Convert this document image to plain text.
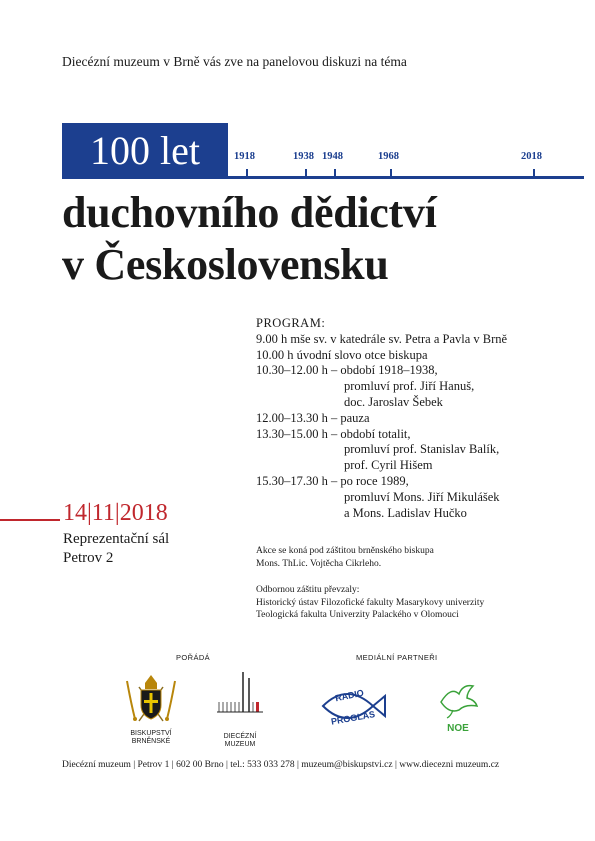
Diecézní muzeum v Brně vás zve na panelovou diskuzi na téma
100 let	1918	1938 1948	1968	2018
duchovního dědictví
v Československu
PROGRAM:
9.00 h mše sv. v katedrále sv. Petra a Pavla v Brně
10.00 h úvodní slovo otce biskupa
10.30–12.00 h – období 1918–1938,
promluví prof. Jiří Hanuš,
doc. Jaroslav Šebek
12.00–13.30 h – pauza
13.30–15.00 h – období totalit,
promluví prof. Stanislav Balík,
prof. Cyril Hišem
15.30–17.30 h – po roce 1989,
promluví Mons. Jiří Mikulášek
a Mons. Ladislav Hučko
14|11|2018
Reprezentační sál
Petrov 2	Akce se koná pod záštitou brněnského biskupa
Mons. ThLic. Vojtěcha Cikrleho.
Odbornou záštitu převzaly:
Historický ústav Filozofické fakulty Masarykovy univerzity
Teologická fakulta Univerzity Palackého v Olomouci
POŘÁDÁ	MEDIÁLNÍ PARTNEŘI
BISKUPSTVÍ
BRNĚNSKÉ
DIECÉZNÍ
MUZEUM
RADIO
PROGLAS
NOE
Diecézní muzeum | Petrov 1 | 602 00 Brno | tel.: 533 033 278 | muzeum@biskupstvi.cz | www.diecezni muzeum.cz
